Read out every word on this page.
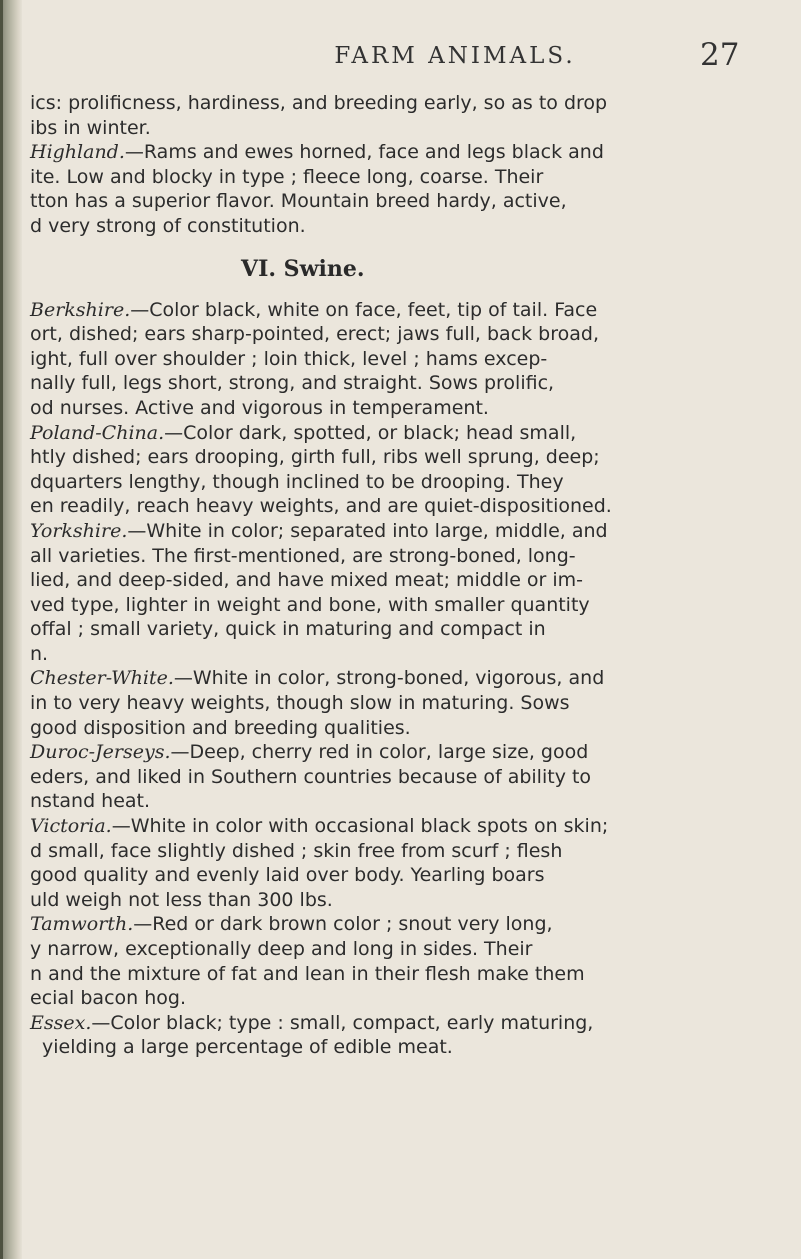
FARM ANIMALS.	27
ics: prolificness, hardiness, and breeding early, so as to drop
ibs in winter.
Highland.—Rams and ewes horned, face and legs black and
ite. Low and blocky in type ; fleece long, coarse. Their
tton has a superior flavor. Mountain breed hardy, active,
d very strong of constitution.
VI. Swine.
Berkshire.—Color black, white on face, feet, tip of tail. Face
ort, dished; ears sharp-pointed, erect; jaws full, back broad,
ight, full over shoulder ; loin thick, level ; hams excep-
nally full, legs short, strong, and straight. Sows prolific,
od nurses. Active and vigorous in temperament.
Poland-China.—Color dark, spotted, or black; head small,
htly dished; ears drooping, girth full, ribs well sprung, deep;
dquarters lengthy, though inclined to be drooping. They
en readily, reach heavy weights, and are quiet-dispositioned.
Yorkshire.—White in color; separated into large, middle, and
all varieties. The first-mentioned, are strong-boned, long-
lied, and deep-sided, and have mixed meat; middle or im-
ved type, lighter in weight and bone, with smaller quantity
offal ; small variety, quick in maturing and compact in
n.
Chester-White.—White in color, strong-boned, vigorous, and
in to very heavy weights, though slow in maturing. Sows
good disposition and breeding qualities.
Duroc-Jerseys.—Deep, cherry red in color, large size, good
eders, and liked in Southern countries because of ability to
nstand heat.
Victoria.—White in color with occasional black spots on skin;
d small, face slightly dished ; skin free from scurf ; flesh
good quality and evenly laid over body. Yearling boars
uld weigh not less than 300 lbs.
Tamworth.—Red or dark brown color ; snout very long,
y narrow, exceptionally deep and long in sides. Their
n and the mixture of fat and lean in their flesh make them
ecial bacon hog.
Essex.—Color black; type : small, compact, early maturing,
yielding a large percentage of edible meat.
